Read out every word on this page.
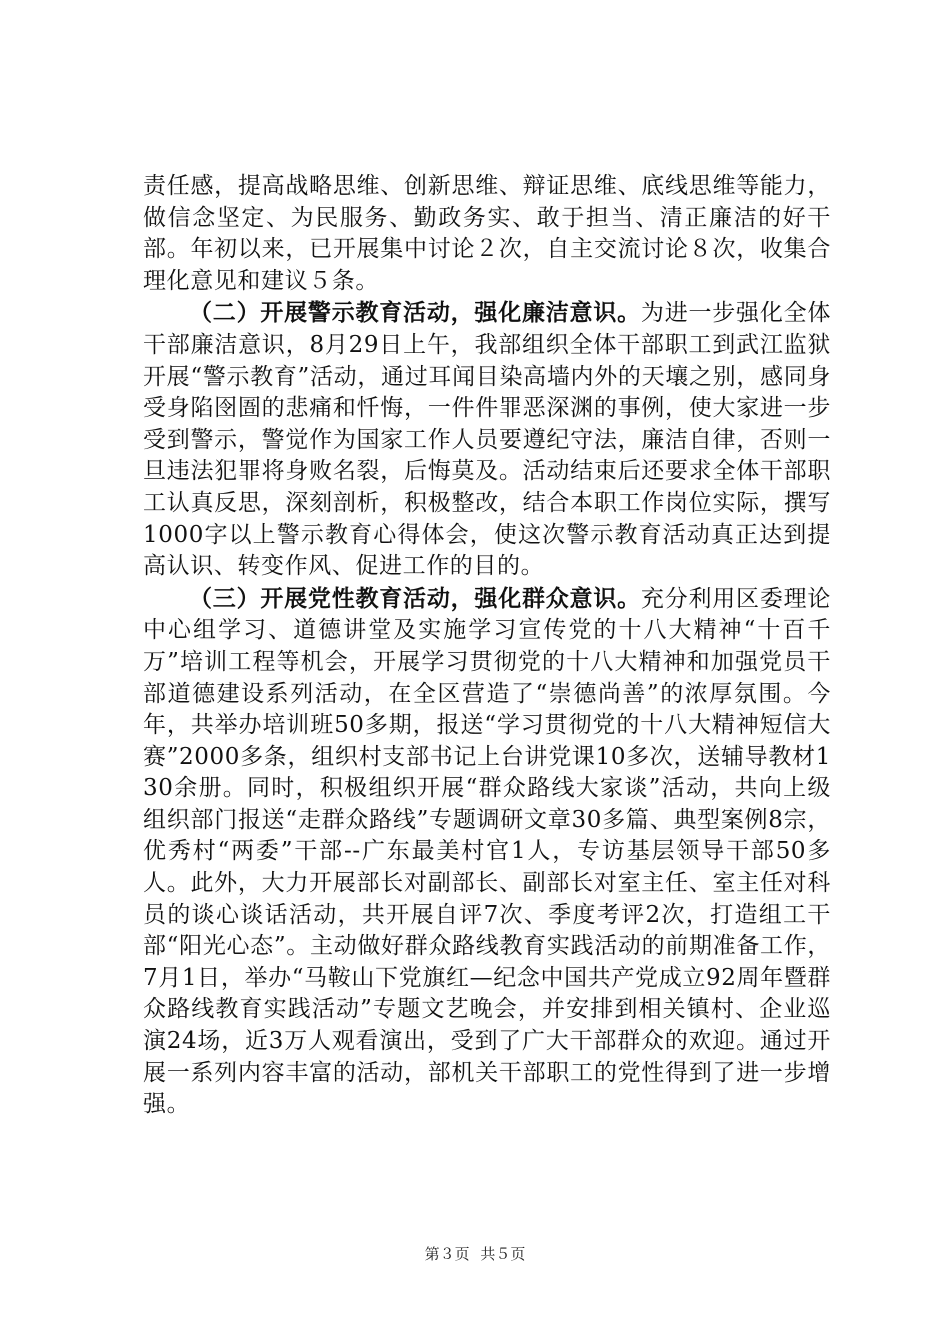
责任感，提高战略思维、创新思维、辩证思维、底线思维等能力，做信念坚定、为民服务、勤政务实、敢于担当、清正廉洁的好干部。年初以来，已开展集中讨论２次，自主交流讨论８次，收集合理化意见和建议５条。

（二）开展警示教育活动，强化廉洁意识。为进一步强化全体干部廉洁意识，8月29日上午，我部组织全体干部职工到武江监狱开展“警示教育”活动，通过耳闻目染高墙内外的天壤之别，感同身受身陷囹圄的悲痛和忏悔，一件件罪恶深渊的事例，使大家进一步受到警示，警觉作为国家工作人员要遵纪守法，廉洁自律，否则一旦违法犯罪将身败名裂，后悔莫及。活动结束后还要求全体干部职工认真反思，深刻剖析，积极整改，结合本职工作岗位实际，撰写1000字以上警示教育心得体会，使这次警示教育活动真正达到提高认识、转变作风、促进工作的目的。

（三）开展党性教育活动，强化群众意识。充分利用区委理论中心组学习、道德讲堂及实施学习宣传党的十八大精神“十百千万”培训工程等机会，开展学习贯彻党的十八大精神和加强党员干部道德建设系列活动，在全区营造了“崇德尚善”的浓厚氛围。今年，共举办培训班50多期，报送“学习贯彻党的十八大精神短信大赛”2000多条，组织村支部书记上台讲党课10多次，送辅导教材130余册。同时，积极组织开展“群众路线大家谈”活动，共向上级组织部门报送“走群众路线”专题调研文章30多篇、典型案例8宗，优秀村“两委”干部--广东最美村官1人，专访基层领导干部50多人。此外，大力开展部长对副部长、副部长对室主任、室主任对科员的谈心谈话活动，共开展自评7次、季度考评2次，打造组工干部“阳光心态”。主动做好群众路线教育实践活动的前期准备工作，7月1日，举办“马鞍山下党旗红—纪念中国共产党成立92周年暨群众路线教育实践活动”专题文艺晚会，并安排到相关镇村、企业巡演24场，近3万人观看演出，受到了广大干部群众的欢迎。通过开展一系列内容丰富的活动，部机关干部职工的党性得到了进一步增强。

第３页 共５页
